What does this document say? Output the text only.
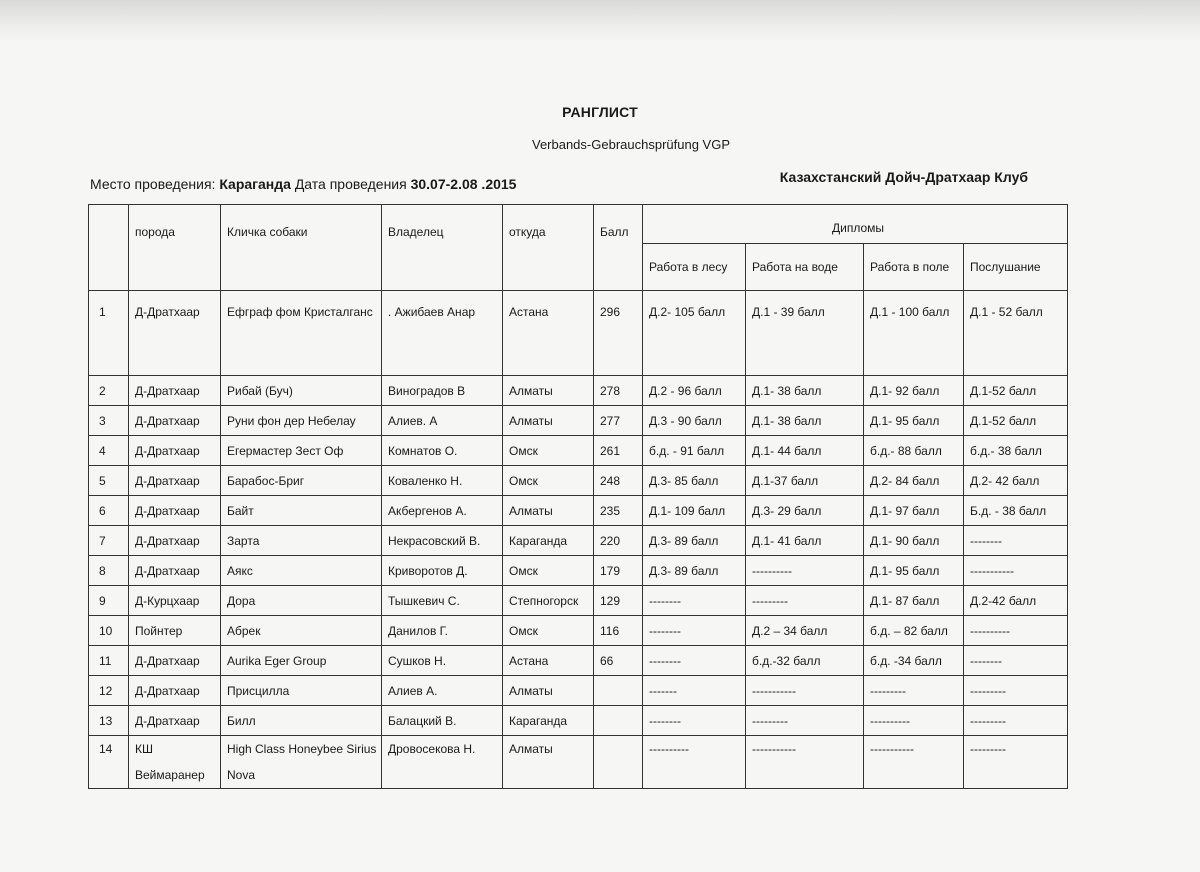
РАНГЛИСТ
Verbands-Gebrauchsprüfung VGP
Место проведения: Караганда Дата проведения 30.07-2.08 .2015	Казахстанский Дойч-Дратхаар Клуб
	порода	Кличка собаки	Владелец	откуда	Балл	Дипломы			
						Работа в лесу	Работа на воде	Работа в поле	Послушание
1	Д-Дратхаар	Ефграф фом Кристалганс	. Ажибаев Анар	Астана	296	Д.2- 105 балл	Д.1 - 39 балл	Д.1 - 100 балл	Д.1 - 52 балл
2	Д-Дратхаар	Рибай (Буч)	Виноградов В	Алматы	278	Д.2 - 96 балл	Д.1- 38 балл	Д.1- 92 балл	Д.1-52 балл
3	Д-Дратхаар	Руни фон дер Небелау	Алиев. А	Алматы	277	Д.3 - 90 балл	Д.1- 38 балл	Д.1- 95 балл	Д.1-52 балл
4	Д-Дратхаар	Егермастер Зест Оф	Комнатов О.	Омск	261	б.д. - 91 балл	Д.1- 44 балл	б.д.- 88 балл	б.д.- 38 балл
5	Д-Дратхаар	Барабос-Бриг	Коваленко Н.	Омск	248	Д.3- 85 балл	Д.1-37 балл	Д.2- 84 балл	Д.2- 42 балл
6	Д-Дратхаар	Байт	Акбергенов А.	Алматы	235	Д.1- 109 балл	Д.3- 29 балл	Д.1- 97 балл	Б.д. - 38 балл
7	Д-Дратхаар	Зарта	Некрасовский В.	Караганда	220	Д.3- 89 балл	Д.1- 41 балл	Д.1- 90 балл	--------
8	Д-Дратхаар	Аякс	Криворотов Д.	Омск	179	Д.3- 89 балл	----------	Д.1- 95 балл	-----------
9	Д-Курцхаар	Дора	Тышкевич С.	Степногорск	129	--------	---------	Д.1- 87 балл	Д.2-42 балл
10	Пойнтер	Абрек	Данилов Г.	Омск	116	--------	Д.2 – 34 балл	б.д. – 82 балл	----------
11	Д-Дратхаар	Aurika Eger Group	Сушков Н.	Астана	66	--------	б.д.-32 балл	б.д. -34 балл	--------
12	Д-Дратхаар	Присцилла	Алиев А.	Алматы		-------	-----------	---------	---------
13	Д-Дратхаар	Билл	Балацкий В.	Караганда		--------	---------	----------	---------
14	КШ Веймаранер	High Class Honeybee Sirius Nova	Дровосекова Н.	Алматы		----------	-----------	-----------	---------
